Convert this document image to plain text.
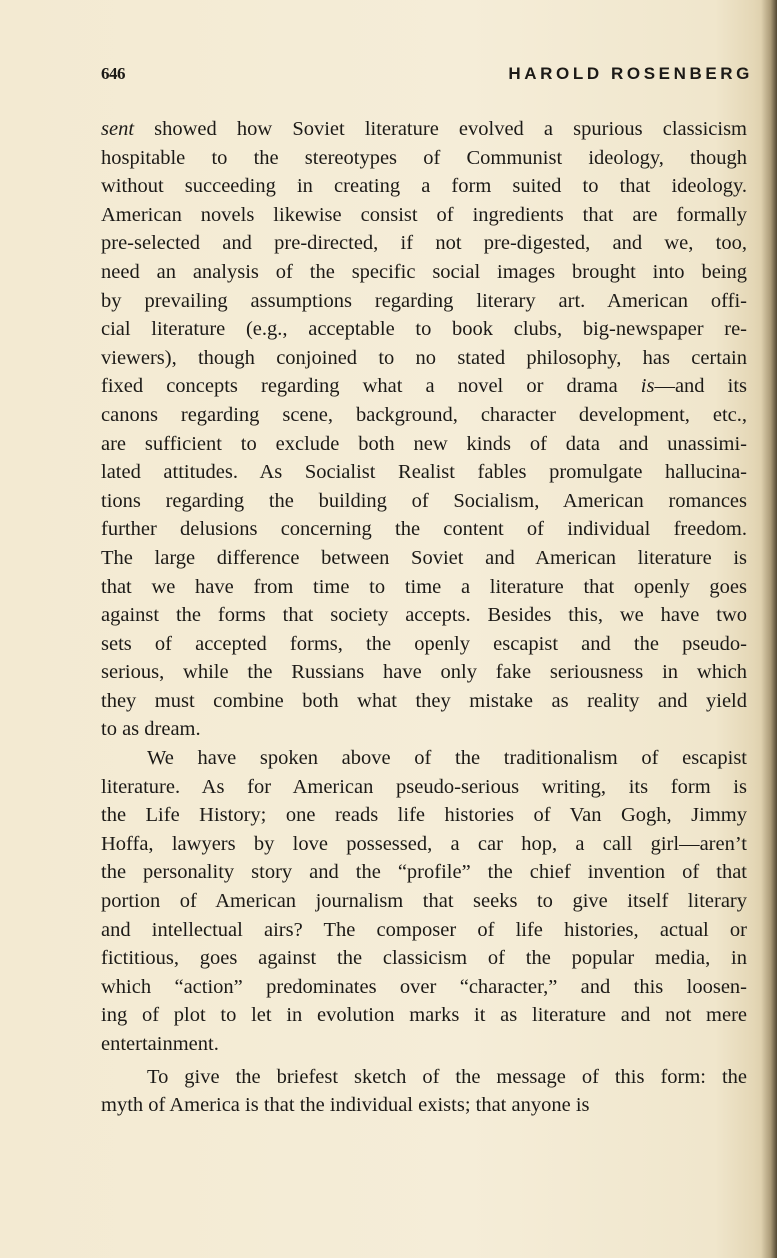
646	HAROLD ROSENBERG
sent showed how Soviet literature evolved a spurious classicism
hospitable to the stereotypes of Communist ideology, though
without succeeding in creating a form suited to that ideology.
American novels likewise consist of ingredients that are formally
pre-selected and pre-directed, if not pre-digested, and we, too,
need an analysis of the specific social images brought into being
by prevailing assumptions regarding literary art. American offi-
cial literature (e.g., acceptable to book clubs, big-newspaper re-
viewers), though conjoined to no stated philosophy, has certain
fixed concepts regarding what a novel or drama is—and its
canons regarding scene, background, character development, etc.,
are sufficient to exclude both new kinds of data and unassimi-
lated attitudes. As Socialist Realist fables promulgate hallucina-
tions regarding the building of Socialism, American romances
further delusions concerning the content of individual freedom.
The large difference between Soviet and American literature is
that we have from time to time a literature that openly goes
against the forms that society accepts. Besides this, we have two
sets of accepted forms, the openly escapist and the pseudo-
serious, while the Russians have only fake seriousness in which
they must combine both what they mistake as reality and yield
to as dream.
We have spoken above of the traditionalism of escapist
literature. As for American pseudo-serious writing, its form is
the Life History; one reads life histories of Van Gogh, Jimmy
Hoffa, lawyers by love possessed, a car hop, a call girl—aren’t
the personality story and the “profile” the chief invention of that
portion of American journalism that seeks to give itself literary
and intellectual airs? The composer of life histories, actual or
fictitious, goes against the classicism of the popular media, in
which “action” predominates over “character,” and this loosen-
ing of plot to let in evolution marks it as literature and not mere
entertainment.
To give the briefest sketch of the message of this form: the
myth of America is that the individual exists; that anyone is
